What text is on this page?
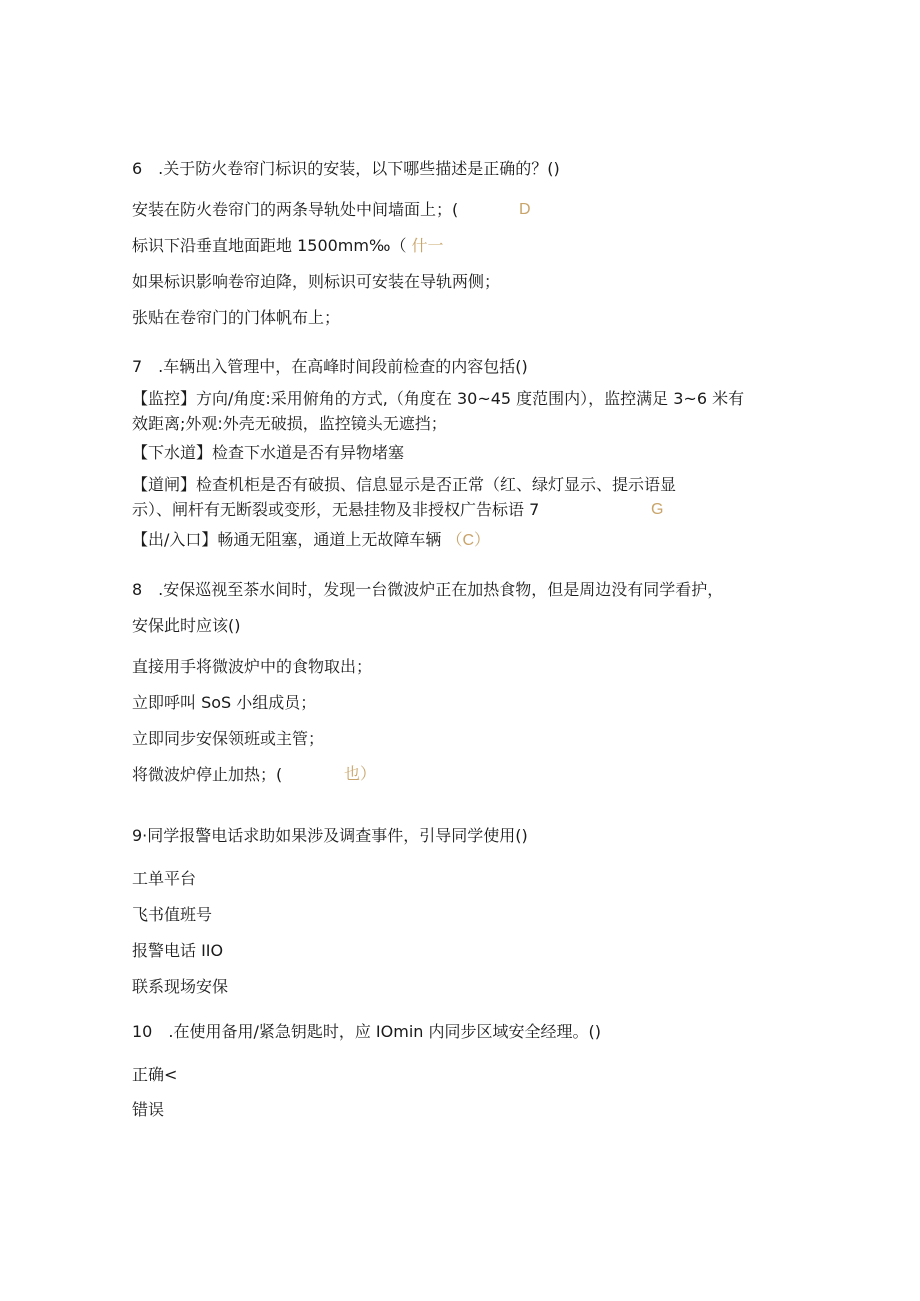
6　.关于防火卷帘门标识的安装，以下哪些描述是正确的？()
安装在防火卷帘门的两条导轨处中间墙面上；(	D
标识下沿垂直地面距地 1500mm‰（ 什一
如果标识影响卷帘迫降，则标识可安装在导轨两侧；
张贴在卷帘门的门体帆布上；
7　.车辆出入管理中，在高峰时间段前检查的内容包括()
【监控】方向/角度:采用俯角的方式,（角度在 30~45 度范围内），监控满足 3~6 米有
效距离;外观:外壳无破损，监控镜头无遮挡；
【下水道】检查下水道是否有异物堵塞
【道闸】检查机柜是否有破损、信息显示是否正常（红、绿灯显示、提示语显
示）、闸杆有无断裂或变形，无悬挂物及非授权广告标语 7	G
【出/入口】畅通无阻塞，通道上无故障车辆 （C）
8　.安保巡视至茶水间时，发现一台微波炉正在加热食物，但是周边没有同学看护，
安保此时应该()
直接用手将微波炉中的食物取出；
立即呼叫 SoS 小组成员；
立即同步安保领班或主管；
将微波炉停止加热；(	也）
9·同学报警电话求助如果涉及调查事件，引导同学使用()
工单平台
飞书值班号
报警电话 IIO
联系现场安保
10　.在使用备用/紧急钥匙时，应 IOmin 内同步区域安全经理。()
正确<
错误
